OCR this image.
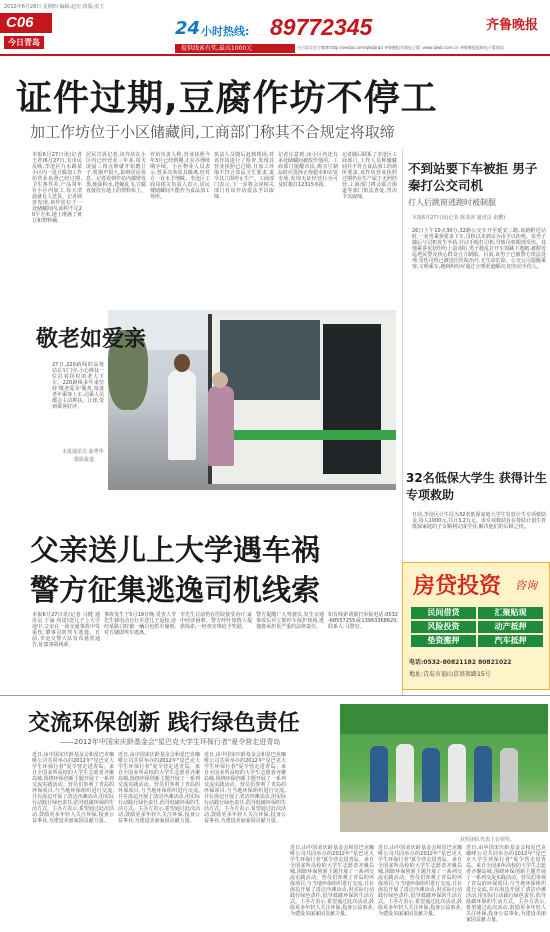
2012年6月28日 星期四 编辑:赵宏 组版:张玉
C06
今日青岛
24 小时热线: 89772345
提供线索有奖,最高1000元	今日青岛官方微博:http://weibo.com/qlwbjrqd 齐鲁晚报官网电子版: www.qlwb.com.cn 齐鲁晚报报纸电子版阅读
齐鲁晚报
证件过期,豆腐作坊不停工
加工作坊位于小区储藏间,工商部门称其不合规定将取缔
本报6月27日讯(记者 王者)6月27日,有市民反映,李沧区九水路某小区内一处豆腐加工作坊营业执照已经过期,卫生条件差,产品常年在小区内加工,每天清晨就有人送货。记者调查发现,该作坊位于一处储藏间内,面积不足20平方米,地上堆满了黄豆和塑料桶。
居民告诉记者,该作坊在小区内已经营业三年多,每天凌晨三四点钟就开始磨豆子,机器声很大,影响居民休息。记者看到作坊内墙壁发黑,地面积水,苍蝇乱飞,豆腐直接放在地上的塑料布上。
作坊负责人称,营业执照今年3月已经到期,正在办理续期手续。小区物业人员表示,曾多次劝说其搬离,但对方一直未予理睬。李沧区工商局相关负责人表示,居民楼储藏间不能作为食品加工场所。
执法人员随后赶到现场,对该作坊进行了检查,发现其营业执照已过期,且加工环境不符合食品卫生要求,责令其立即停止生产。工商部门表示,下一步将会同相关部门对该作坊依法予以取缔。
记者注意到,该小区内还有多处储藏间被改作他用。工商部门提醒市民,购买豆制品时应选择正规超市和农贸市场,发现无证经营行为可及时拨打12315举报。
记者随后联系了李沧区工商部门,工作人员称储藏间并不符合食品加工的场所要求,该作坊营业执照过期仍在生产属于无照经营,工商部门将会联合街道等部门依法查处,坚决予以取缔。
敬老如爱亲
27日,220路线的高蓉站在车门旁,小心搀扶一位拄着拐杖的老人下车。220路线多年来坚持'敬老爱亲'服务,每逢老年乘客上车,司乘人员都会主动搀扶、让座,受到乘客好评。
本报通讯员 曲秀华
摄影报道
不到站要下车被拒 男子秦打公交司机
打人后跳窗逃跑时被制服
本报6月27日讯(记者 陈龙涛 通讯员 张鹏)
26日上午10点30分,32路公交车开至延安三路,该路附近站时,一名男乘客要求下车,司机以未到站为由予以拒绝。该男子随后与司机发生争执,并动手殴打司机,导致司机眼部受伤。其他乘客见状纷纷上前劝阻,男子趁乱打开车窗跳下逃跑,被附近巡逻民警及热心群众合力制服。目前,该男子已被警方依法处理,受伤司机已被送往医院治疗,无生命危险。公交公司提醒乘客,文明乘车,遇到纠纷应通过合理渠道解决,切勿动手伤人。
32名低保大学生 获得计生专项救助
日前,李沧区计生局为32名低保家庭大学生发放计生专项救助金,每人1000元,共计3.2万元。该专项救助旨在帮助计划生育低保家庭的子女顺利完成学业,解决他们的后顾之忧。
房贷投资 咨询
民间借贷	汇聚贴现
风险投资	动产抵押
垫资搬押	汽车抵押
电话:0532-80821182 80821022
地址:青岛市福山京基参路15号
父亲送儿上大学遇车祸
警方征集逃逸司机线索
本报6月27日讯(记者 马健 通讯员 于涌 尚雷)送儿子上大学途中,父亲在一场交通事故中受重伤,肇事司机驾车逃逸。日前,李沧交警大队发布悬赏通告,征集事故线索。
事故发生于5月19日晚,受害人李先生骑电动自行车送儿子返校,途经某路口时被一辆白色轿车撞倒,对方随即驾车逃离。
李先生目前仍在医院接受治疗,家中经济困难。警方呼吁知情人提供线索,一经查实将给予奖励。
警方提醒广大驾驶员,发生交通事故后应立即停车保护现场,逃逸将承担更严重的法律责任。
如有线索请拨打举报电话:0532-68557255或13963368620,联系人:马警官。
交流环保创新 践行绿色责任
——2012年中国宋庆龄基金会"星巴克大学生环保行者"夏令营走进青岛
近日,由中国宋庆龄基金会和星巴克咖啡公司共同举办的2012年"星巴克大学生环保行者"夏令营走进青岛。来自全国多所高校的大学生志愿者齐聚岛城,围绕环保创新主题开展了一系列交流实践活动。营员们参观了青岛的环保项目,与当地环保组织进行交流,并在海边开展了清洁沙滩活动,用实际行动践行绿色责任,倡导低碳环保的生活方式。主办方表示,希望通过此次活动,鼓励更多年轻人关注环保,投身公益事业,为建设美丽家园贡献力量。
近日,由中国宋庆龄基金会和星巴克咖啡公司共同举办的2012年"星巴克大学生环保行者"夏令营走进青岛。来自全国多所高校的大学生志愿者齐聚岛城,围绕环保创新主题开展了一系列交流实践活动。营员们参观了青岛的环保项目,与当地环保组织进行交流,并在海边开展了清洁沙滩活动,用实际行动践行绿色责任,倡导低碳环保的生活方式。主办方表示,希望通过此次活动,鼓励更多年轻人关注环保,投身公益事业,为建设美丽家园贡献力量。
近日,由中国宋庆龄基金会和星巴克咖啡公司共同举办的2012年"星巴克大学生环保行者"夏令营走进青岛。来自全国多所高校的大学生志愿者齐聚岛城,围绕环保创新主题开展了一系列交流实践活动。营员们参观了青岛的环保项目,与当地环保组织进行交流,并在海边开展了清洁沙滩活动,用实际行动践行绿色责任,倡导低碳环保的生活方式。主办方表示,希望通过此次活动,鼓励更多年轻人关注环保,投身公益事业,为建设美丽家园贡献力量。
近日,由中国宋庆龄基金会和星巴克咖啡公司共同举办的2012年"星巴克大学生环保行者"夏令营走进青岛。来自全国多所高校的大学生志愿者齐聚岛城,围绕环保创新主题开展了一系列交流实践活动。营员们参观了青岛的环保项目,与当地环保组织进行交流,并在海边开展了清洁沙滩活动,用实际行动践行绿色责任,倡导低碳环保的生活方式。主办方表示,希望通过此次活动,鼓励更多年轻人关注环保,投身公益事业,为建设美丽家园贡献力量。
近日,由中国宋庆龄基金会和星巴克咖啡公司共同举办的2012年"星巴克大学生环保行者"夏令营走进青岛。来自全国多所高校的大学生志愿者齐聚岛城,围绕环保创新主题开展了一系列交流实践活动。营员们参观了青岛的环保项目,与当地环保组织进行交流,并在海边开展了清洁沙滩活动,用实际行动践行绿色责任,倡导低碳环保的生活方式。主办方表示,希望通过此次活动,鼓励更多年轻人关注环保,投身公益事业,为建设美丽家园贡献力量。
近日,由中国宋庆龄基金会和星巴克咖啡公司共同举办的2012年"星巴克大学生环保行者"夏令营走进青岛。来自全国多所高校的大学生志愿者齐聚岛城,围绕环保创新主题开展了一系列交流实践活动。营员们参观了青岛的环保项目,与当地环保组织进行交流,并在海边开展了清洁沙滩活动,用实际行动践行绿色责任,倡导低碳环保的生活方式。主办方表示,希望通过此次活动,鼓励更多年轻人关注环保,投身公益事业,为建设美丽家园贡献力量。
获奖团队代表上台领奖。
